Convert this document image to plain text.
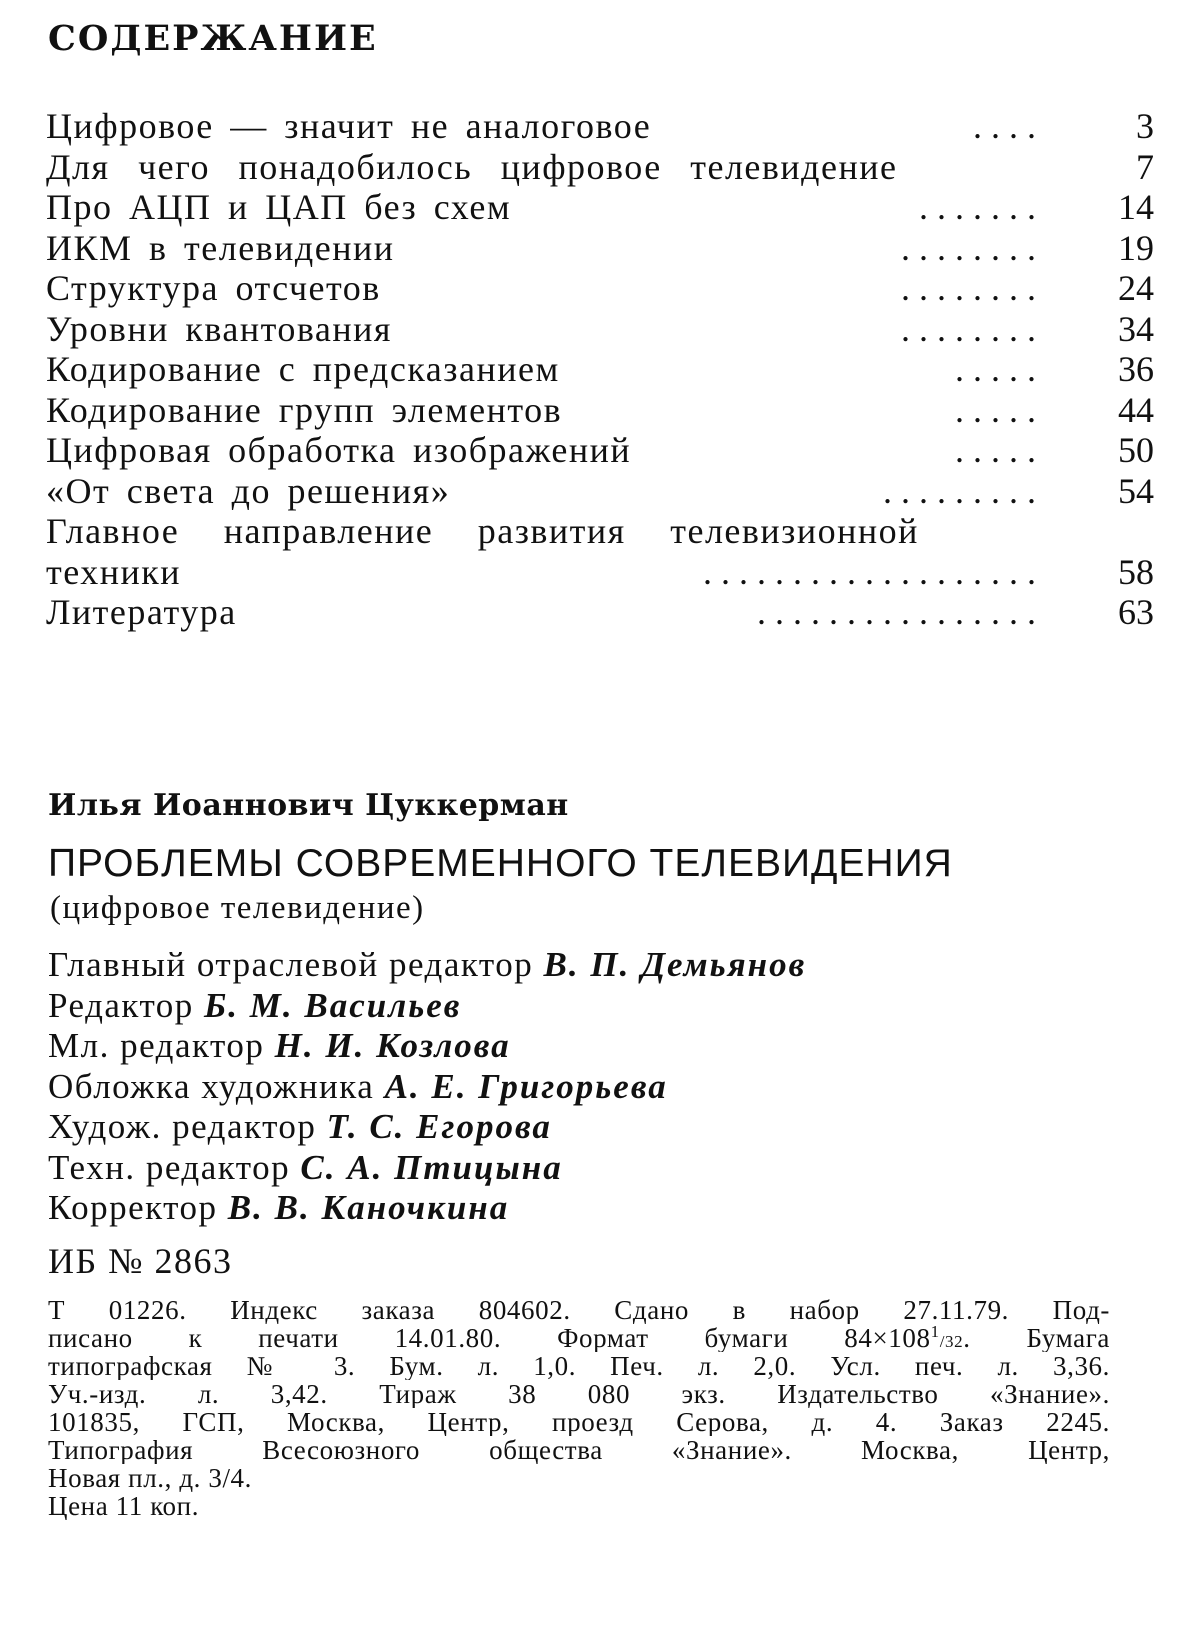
СОДЕРЖАНИЕ
Цифровое — значит не аналоговое	. . . .	3
Для чего понадобилось цифровое телевидение	7
Про АЦП и ЦАП без схем	. . . . . . . 14
ИКМ в телевидении	. . . . . . . . 19
Структура отсчетов	. . . . . . . . 24
Уровни квантования	. . . . . . . . 34
Кодирование с предсказанием	. . . . . 36
Кодирование групп элементов	. . . . . 44
Цифровая обработка изображений	. . . . . 50
«От света до решения»	. . . . . . . . . 54
Главное направление развития телевизионной
техники	. . . . . . . . . . . . . . . . . . . 58
Литература	. . . . . . . . . . . . . . . . 63

Илья Иоаннович Цуккерман

ПРОБЛЕМЫ СОВРЕМЕННОГО ТЕЛЕВИДЕНИЯ

(цифровое телевидение)

Главный отраслевой редактор В. П. Демьянов
Редактор Б. М. Васильев
Мл. редактор Н. И. Козлова
Обложка художника А. Е. Григорьева
Худож. редактор Т. С. Егорова
Техн. редактор С. А. Птицына
Корректор В. В. Каночкина

ИБ № 2863

Т 01226. Индекс заказа 804602. Сдано в набор 27.11.79. Под-
писано к печати 14.01.80. Формат бумаги $84\times 108^1/32$. Бумага
типографская № 3. Бум. л. 1,0. Печ. л. 2,0. Усл. печ. л. 3,36.
Уч.-изд. л. 3,42. Тираж 38 080 экз. Издательство «Знание».
101835, ГСП, Москва, Центр, проезд Серова, д. 4. Заказ 2245.
Типография Всесоюзного общества «Знание». Москва, Центр,
Новая пл., д. 3/4.
Цена 11 коп.
